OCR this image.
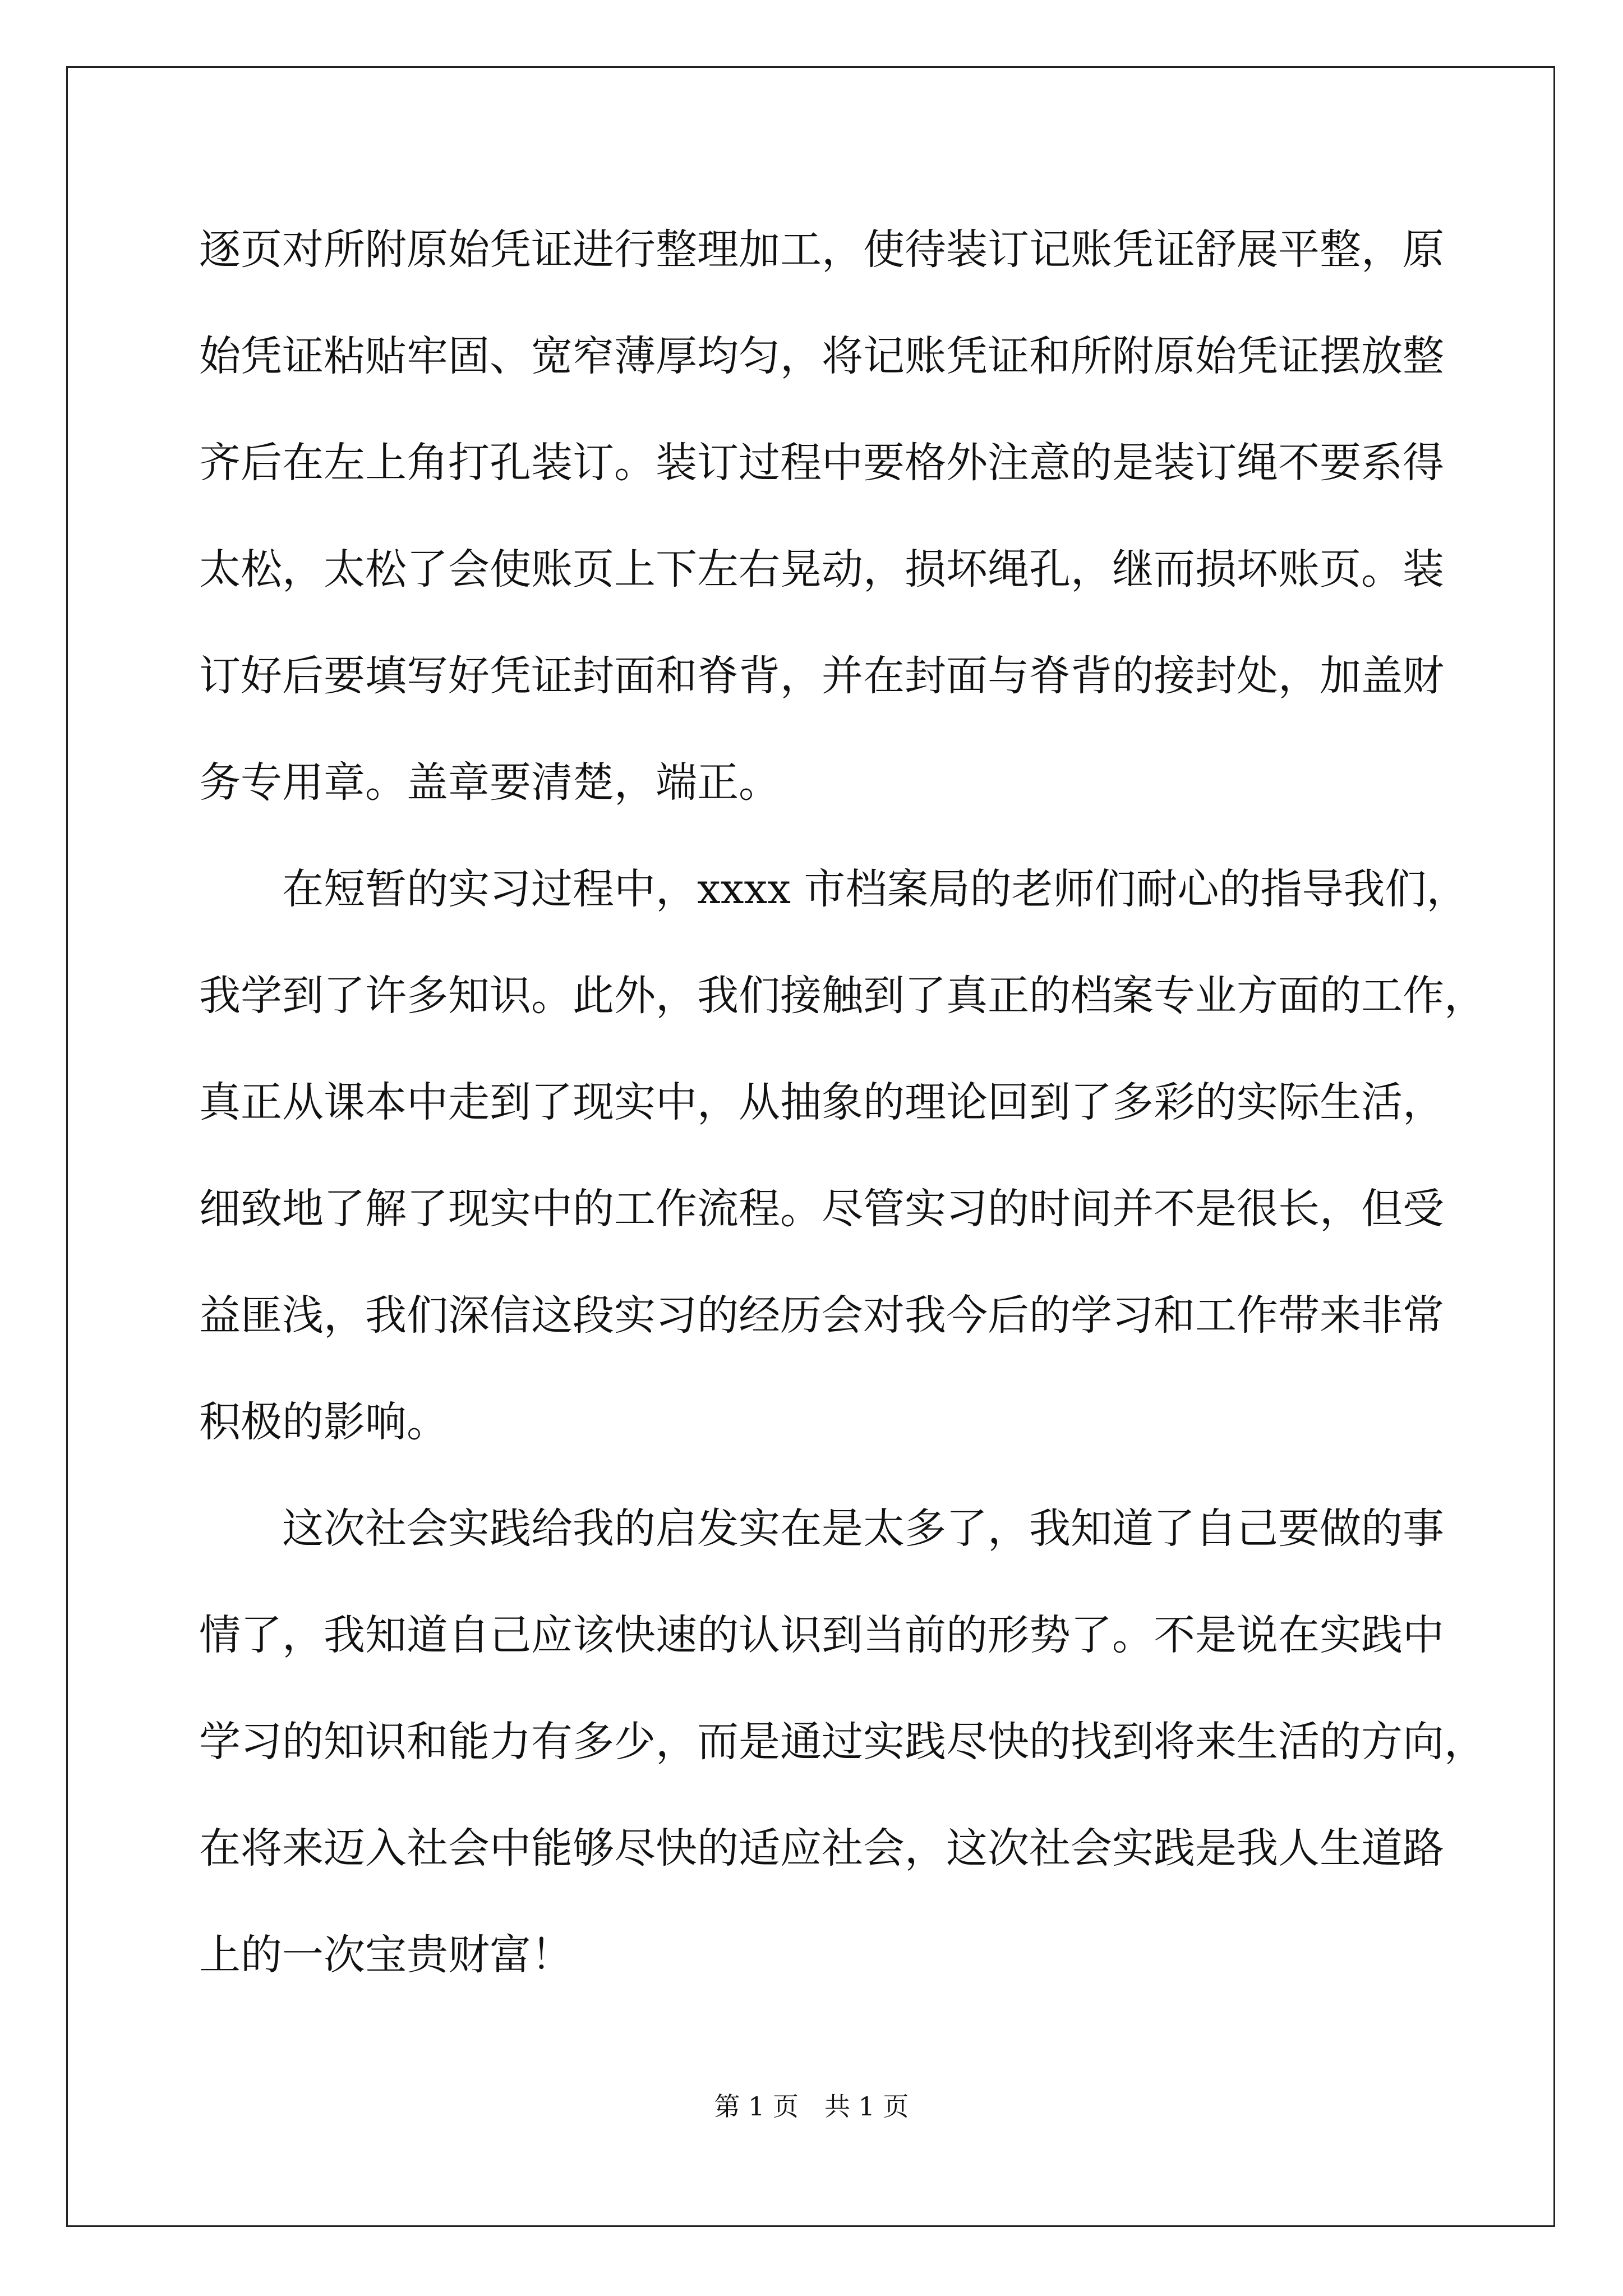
逐页对所附原始凭证进行整理加工，使待装订记账凭证舒展平整，原
始凭证粘贴牢固、宽窄薄厚均匀，将记账凭证和所附原始凭证摆放整
齐后在左上角打孔装订。装订过程中要格外注意的是装订绳不要系得
太松，太松了会使账页上下左右晃动，损坏绳孔，继而损坏账页。装
订好后要填写好凭证封面和脊背，并在封面与脊背的接封处，加盖财
务专用章。盖章要清楚，端正。
在短暂的实习过程中，xxxx 市档案局的老师们耐心的指导我们，
我学到了许多知识。此外，我们接触到了真正的档案专业方面的工作，
真正从课本中走到了现实中，从抽象的理论回到了多彩的实际生活，
细致地了解了现实中的工作流程。尽管实习的时间并不是很长，但受
益匪浅，我们深信这段实习的经历会对我今后的学习和工作带来非常
积极的影响。
这次社会实践给我的启发实在是太多了，我知道了自己要做的事
情了，我知道自己应该快速的认识到当前的形势了。不是说在实践中
学习的知识和能力有多少，而是通过实践尽快的找到将来生活的方向，
在将来迈入社会中能够尽快的适应社会，这次社会实践是我人生道路
上的一次宝贵财富！
第 1 页　共 1 页
